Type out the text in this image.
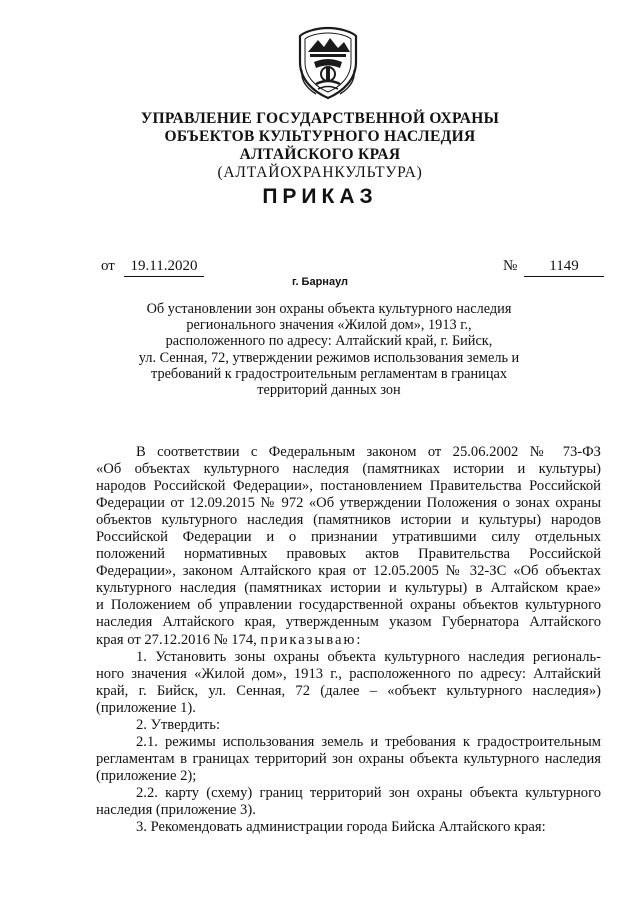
УПРАВЛЕНИЕ ГОСУДАРСТВЕННОЙ ОХРАНЫ
ОБЪЕКТОВ КУЛЬТУРНОГО НАСЛЕДИЯ
АЛТАЙСКОГО КРАЯ
(АЛТАЙОХРАНКУЛЬТУРА)
ПРИКАЗ
от	19.11.2020	№	1149
г. Барнаул
Об установлении зон охраны объекта культурного наследия
регионального значения «Жилой дом», 1913 г.,
расположенного по адресу: Алтайский край, г. Бийск,
ул. Сенная, 72, утверждении режимов использования земель и
требований к градостроительным регламентам в границах
территорий данных зон
В соответствии с Федеральным законом от 25.06.2002 № 73-ФЗ
«Об объектах культурного наследия (памятниках истории и культуры)
народов Российской Федерации», постановлением Правительства Российской
Федерации от 12.09.2015 № 972 «Об утверждении Положения о зонах охраны
объектов культурного наследия (памятников истории и культуры) народов
Российской Федерации и о признании утратившими силу отдельных
положений нормативных правовых актов Правительства Российской
Федерации», законом Алтайского края от 12.05.2005 № 32-ЗС «Об объектах
культурного наследия (памятниках истории и культуры) в Алтайском крае»
и Положением об управлении государственной охраны объектов культурного
наследия Алтайского края, утвержденным указом Губернатора Алтайского
края от 27.12.2016 № 174, приказываю:
1. Установить зоны охраны объекта культурного наследия региональ-
ного значения «Жилой дом», 1913 г., расположенного по адресу: Алтайский
край, г. Бийск, ул. Сенная, 72 (далее – «объект культурного наследия»)
(приложение 1).
2. Утвердить:
2.1. режимы использования земель и требования к градостроительным
регламентам в границах территорий зон охраны объекта культурного наследия
(приложение 2);
2.2. карту (схему) границ территорий зон охраны объекта культурного
наследия (приложение 3).
3. Рекомендовать администрации города Бийска Алтайского края:
